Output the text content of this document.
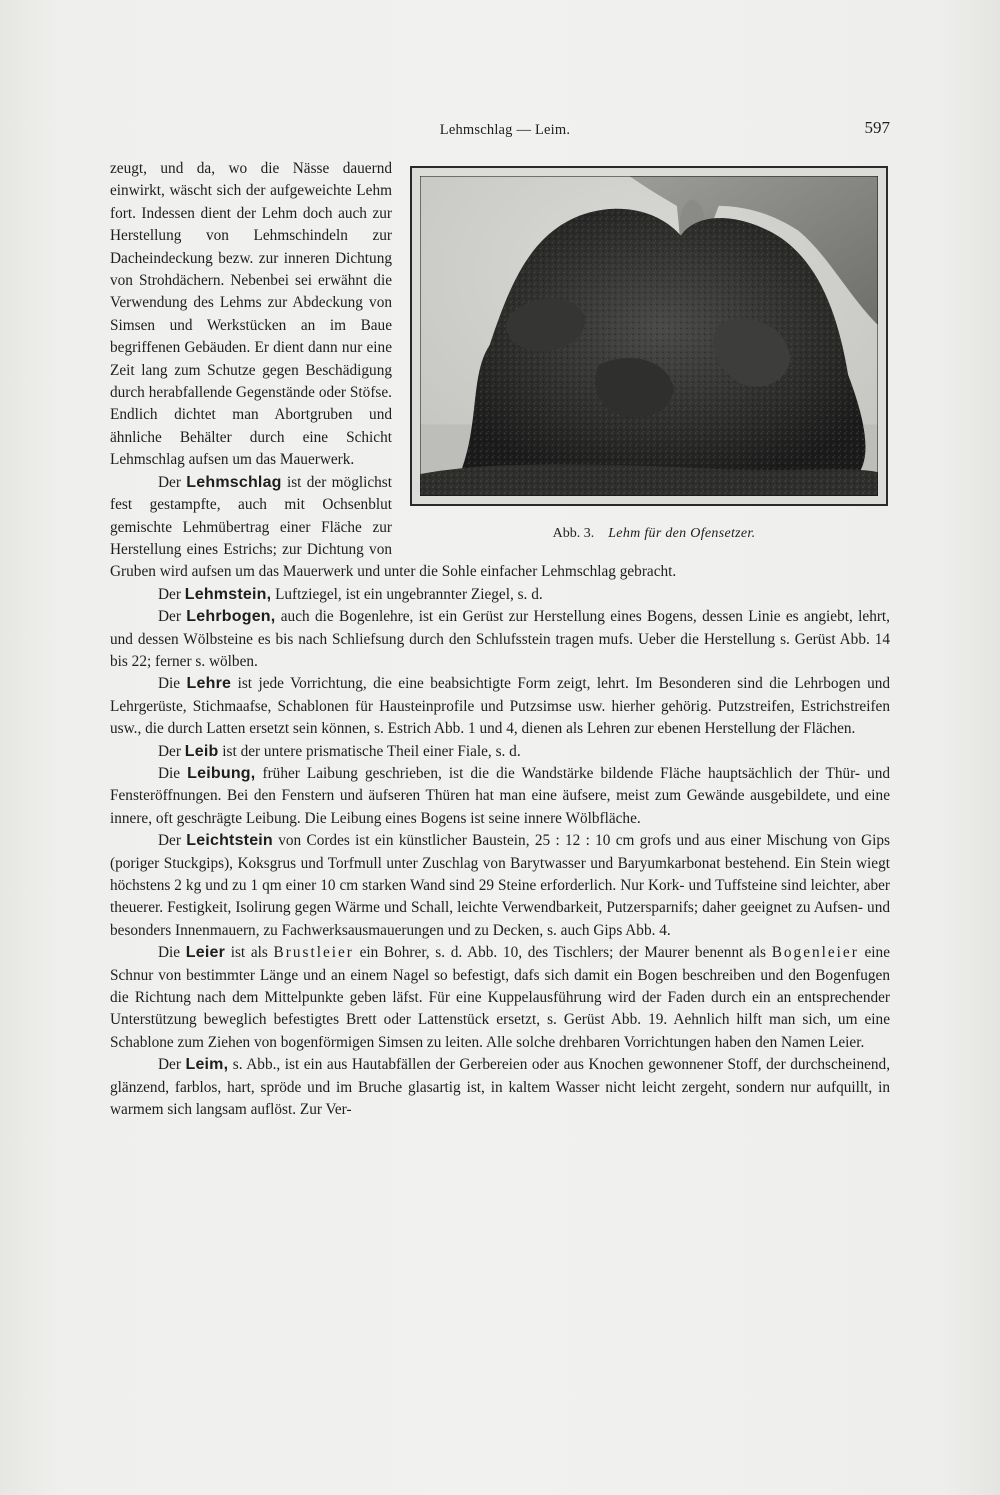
Lehmschlag — Leim.	597
Abb. 3. Lehm für den Ofensetzer.

zeugt, und da, wo die Nässe dauernd einwirkt, wäscht sich der aufgeweichte Lehm fort. Indessen dient der Lehm doch auch zur Herstellung von Lehmschindeln zur Dacheindeckung bezw. zur inneren Dichtung von Strohdächern. Nebenbei sei erwähnt die Verwendung des Lehms zur Abdeckung von Simsen und Werkstücken an im Baue begriffenen Gebäuden. Er dient dann nur eine Zeit lang zum Schutze gegen Beschädigung durch herabfallende Gegenstände oder Stöfse. Endlich dichtet man Abortgruben und ähnliche Behälter durch eine Schicht Lehmschlag aufsen um das Mauerwerk.

Der Lehmschlag ist der möglichst fest gestampfte, auch mit Ochsenblut gemischte Lehmübertrag einer Fläche zur Herstellung eines Estrichs; zur Dichtung von Gruben wird aufsen um das Mauerwerk und unter die Sohle einfacher Lehmschlag gebracht.

Der Lehmstein, Luftziegel, ist ein ungebrannter Ziegel, s. d.

Der Lehrbogen, auch die Bogenlehre, ist ein Gerüst zur Herstellung eines Bogens, dessen Linie es angiebt, lehrt, und dessen Wölbsteine es bis nach Schliefsung durch den Schlufsstein tragen mufs. Ueber die Herstellung s. Gerüst Abb. 14 bis 22; ferner s. wölben.

Die Lehre ist jede Vorrichtung, die eine beabsichtigte Form zeigt, lehrt. Im Besonderen sind die Lehrbogen und Lehrgerüste, Stichmaafse, Schablonen für Hausteinprofile und Putzsimse usw. hierher gehörig. Putzstreifen, Estrichstreifen usw., die durch Latten ersetzt sein können, s. Estrich Abb. 1 und 4, dienen als Lehren zur ebenen Herstellung der Flächen.

Der Leib ist der untere prismatische Theil einer Fiale, s. d.

Die Leibung, früher Laibung geschrieben, ist die die Wandstärke bildende Fläche hauptsächlich der Thür- und Fensteröffnungen. Bei den Fenstern und äufseren Thüren hat man eine äufsere, meist zum Gewände ausgebildete, und eine innere, oft geschrägte Leibung. Die Leibung eines Bogens ist seine innere Wölbfläche.

Der Leichtstein von Cordes ist ein künstlicher Baustein, 25 : 12 : 10 cm grofs und aus einer Mischung von Gips (poriger Stuckgips), Koksgrus und Torfmull unter Zuschlag von Barytwasser und Baryumkarbonat bestehend. Ein Stein wiegt höchstens 2 kg und zu 1 qm einer 10 cm starken Wand sind 29 Steine erforderlich. Nur Kork- und Tuffsteine sind leichter, aber theuerer. Festigkeit, Isolirung gegen Wärme und Schall, leichte Verwendbarkeit, Putzersparnifs; daher geeignet zu Aufsen- und besonders Innenmauern, zu Fachwerksausmauerungen und zu Decken, s. auch Gips Abb. 4.

Die Leier ist als Brustleier ein Bohrer, s. d. Abb. 10, des Tischlers; der Maurer benennt als Bogenleier eine Schnur von bestimmter Länge und an einem Nagel so befestigt, dafs sich damit ein Bogen beschreiben und den Bogenfugen die Richtung nach dem Mittelpunkte geben läfst. Für eine Kuppelausführung wird der Faden durch ein an entsprechender Unterstützung beweglich befestigtes Brett oder Lattenstück ersetzt, s. Gerüst Abb. 19. Aehnlich hilft man sich, um eine Schablone zum Ziehen von bogenförmigen Simsen zu leiten. Alle solche drehbaren Vorrichtungen haben den Namen Leier.

Der Leim, s. Abb., ist ein aus Hautabfällen der Gerbereien oder aus Knochen gewonnener Stoff, der durchscheinend, glänzend, farblos, hart, spröde und im Bruche glasartig ist, in kaltem Wasser nicht leicht zergeht, sondern nur aufquillt, in warmem sich langsam auflöst. Zur Ver-
